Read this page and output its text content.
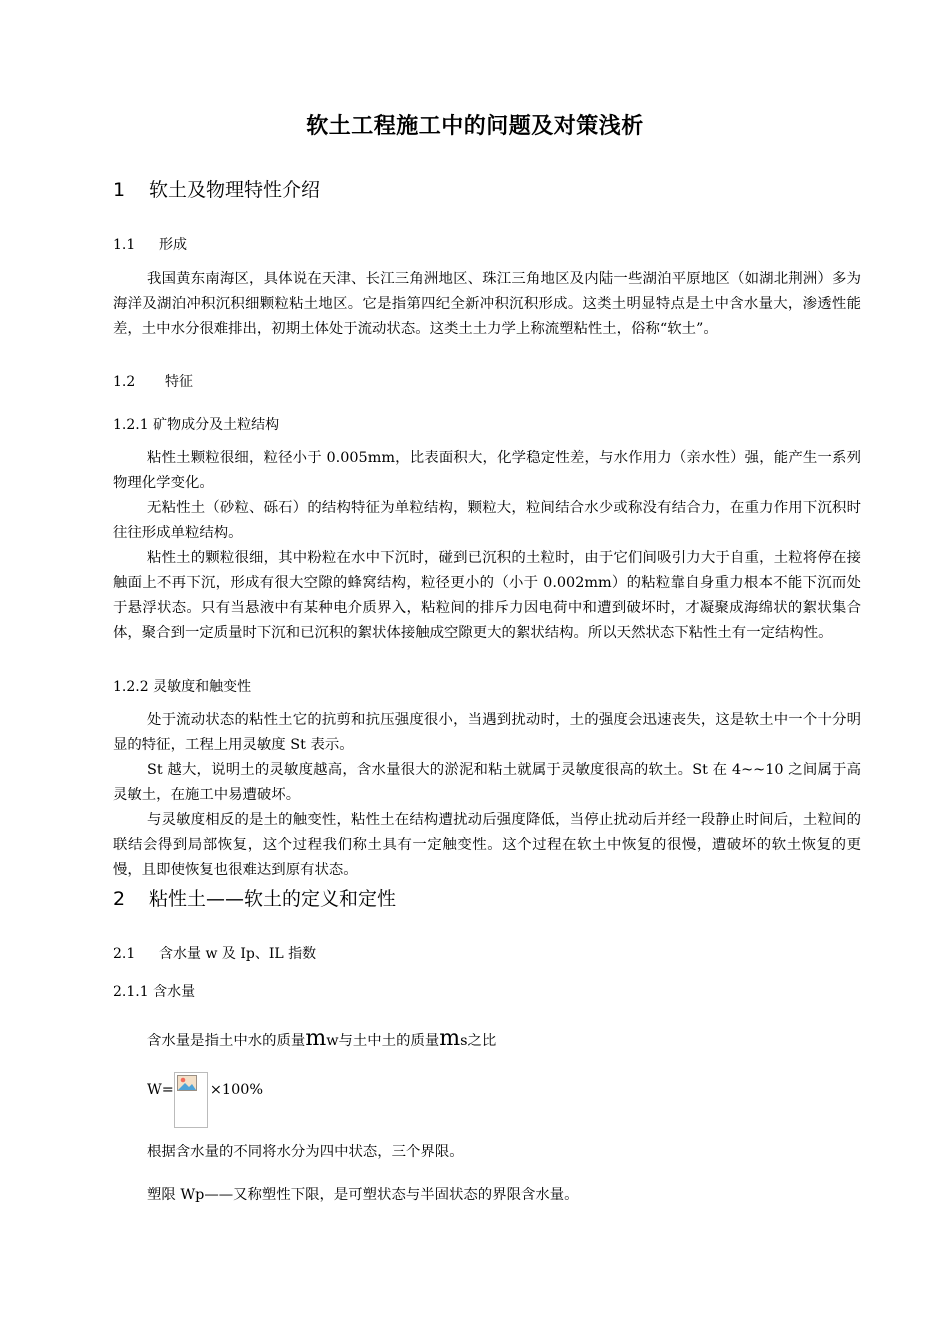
软土工程施工中的问题及对策浅析
1 软土及物理特性介绍
1.1 形成

我国黄东南海区，具体说在天津、长江三角洲地区、珠江三角地区及内陆一些湖泊平原地区（如湖北荆洲）多为海洋及湖泊冲积沉积细颗粒粘土地区。它是指第四纪全新冲积沉积形成。这类土明显特点是土中含水量大，渗透性能差，土中水分很难排出，初期土体处于流动状态。这类土土力学上称流塑粘性土，俗称“软土”。

1.2 特征
1.2.1 矿物成分及土粒结构

粘性土颗粒很细，粒径小于 0.005mm，比表面积大，化学稳定性差，与水作用力（亲水性）强，能产生一系列物理化学变化。

无粘性土（砂粒、砾石）的结构特征为单粒结构，颗粒大，粒间结合水少或称没有结合力，在重力作用下沉积时往往形成单粒结构。

粘性土的颗粒很细，其中粉粒在水中下沉时，碰到已沉积的土粒时，由于它们间吸引力大于自重，土粒将停在接触面上不再下沉，形成有很大空隙的蜂窝结构，粒径更小的（小于 0.002mm）的粘粒靠自身重力根本不能下沉而处于悬浮状态。只有当悬液中有某种电介质界入，粘粒间的排斥力因电荷中和遭到破坏时，才凝聚成海绵状的絮状集合体，聚合到一定质量时下沉和已沉积的絮状体接触成空隙更大的絮状结构。所以天然状态下粘性土有一定结构性。

1.2.2 灵敏度和触变性

处于流动状态的粘性土它的抗剪和抗压强度很小，当遇到扰动时，土的强度会迅速丧失，这是软土中一个十分明显的特征，工程上用灵敏度 St 表示。

St 越大，说明土的灵敏度越高，含水量很大的淤泥和粘土就属于灵敏度很高的软土。St 在 4~~10 之间属于高灵敏土，在施工中易遭破坏。

与灵敏度相反的是土的触变性，粘性土在结构遭扰动后强度降低，当停止扰动后并经一段静止时间后，土粒间的联结会得到局部恢复，这个过程我们称土具有一定触变性。这个过程在软土中恢复的很慢，遭破坏的软土恢复的更慢，且即使恢复也很难达到原有状态。

2 粘性土——软土的定义和定性
2.1 含水量 w 及 Ip、IL 指数
2.1.1 含水量
含水量是指土中水的质量mw与土中土的质量ms之比
W=	×100%
根据含水量的不同将水分为四中状态，三个界限。
塑限 Wp——又称塑性下限，是可塑状态与半固状态的界限含水量。
